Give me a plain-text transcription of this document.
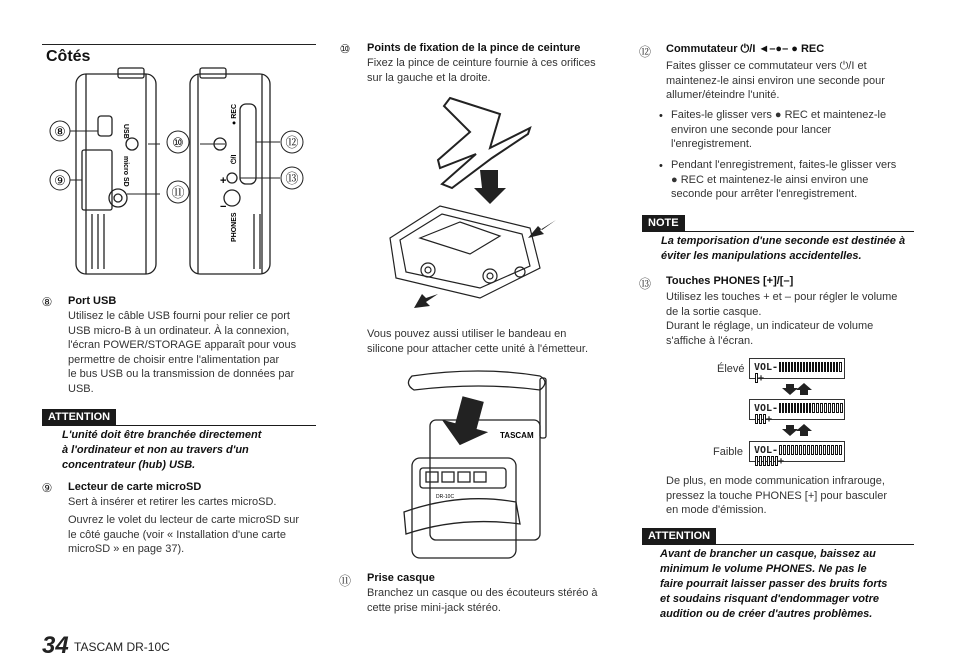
Côtés
⑧
⑨
⑩
⑪
⑫
⑬
USB
micro SD
● REC
⏻/I
PHONES
+
−
⑧ Port USB
Utilisez le câble USB fourni pour relier ce port
USB micro-B à un ordinateur. À la connexion,
l'écran POWER/STORAGE apparaît pour vous
permettre de choisir entre l'alimentation par
le bus USB ou la transmission de données par
USB.
ATTENTION
L'unité doit être branchée directement
à l'ordinateur et non au travers d'un
concentrateur (hub) USB.
⑨ Lecteur de carte microSD
Sert à insérer et retirer les cartes microSD.
Ouvrez le volet du lecteur de carte microSD sur
le côté gauche (voir « Installation d'une carte
microSD » en page 37).
⑩ Points de fixation de la pince de ceinture
Fixez la pince de ceinture fournie à ces orifices
sur la gauche et la droite.
Vous pouvez aussi utiliser le bandeau en
silicone pour attacher cette unité à l'émetteur.
TASCAM
DR-10C
⑪ Prise casque
Branchez un casque ou des écouteurs stéréo à
cette prise mini-jack stéréo.
⑫ Commutateur ⏻/I ◄–●– ● REC
Faites glisser ce commutateur vers ⏻/I et
maintenez-le ainsi environ une seconde pour
allumer/éteindre l'unité.
• Faites-le glisser vers ● REC et maintenez-le
environ une seconde pour lancer
l'enregistrement.
• Pendant l'enregistrement, faites-le glisser vers
● REC et maintenez-le ainsi environ une
seconde pour arrêter l'enregistrement.
NOTE
La temporisation d'une seconde est destinée à
éviter les manipulations accidentelles.
⑬ Touches PHONES [+]/[–]
Utilisez les touches + et – pour régler le volume
de la sortie casque.
Durant le réglage, un indicateur de volume
s'affiche à l'écran.
Élevé VOL-+
VOL-+
Faible VOL-+
De plus, en mode communication infrarouge,
pressez la touche PHONES [+] pour basculer
en mode d'émission.
ATTENTION
Avant de brancher un casque, baissez au
minimum le volume PHONES. Ne pas le
faire pourrait laisser passer des bruits forts
et soudains risquant d'endommager votre
audition ou de créer d'autres problèmes.
34 TASCAM DR-10C
